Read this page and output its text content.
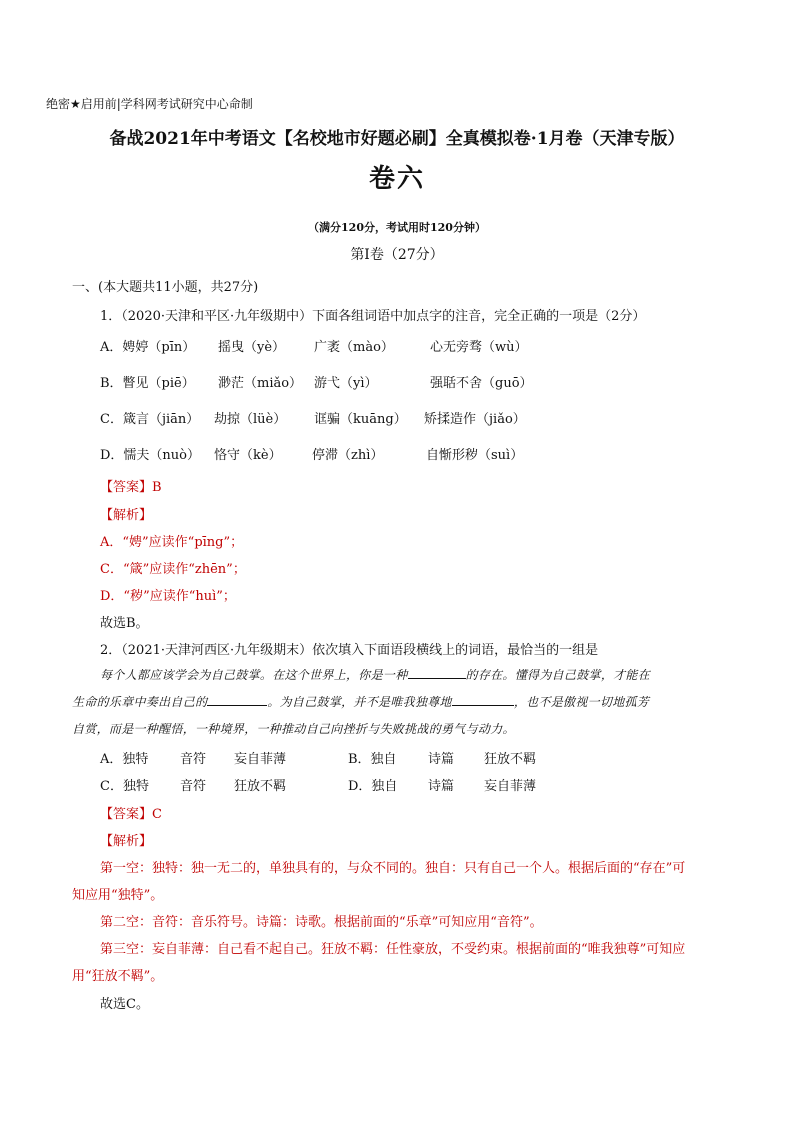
绝密★启用前|学科网考试研究中心命制
备战2021年中考语文【名校地市好题必刷】全真模拟卷·1月卷（天津专版）
卷六
（满分120分，考试用时120分钟）
第Ⅰ卷（27分）
一、(本大题共11小题，共27分)
1．（2020·天津和平区·九年级期中）下面各组词语中加点字的注音，完全正确的一项是（2分）
A．娉婷（pīn） 摇曳（yè） 广袤（mào）	心无旁骛（wù）
B．瞥见（piē） 渺茫（miǎo） 游弋（yì）	强聒不舍（guō）
C．箴言（jiān） 劫掠（lüè） 诓骗（kuāng） 矫揉造作（jiǎo）
D．懦夫（nuò） 恪守（kè） 停滞（zhì）	自惭形秽（suì）
【答案】B
【解析】
A．“娉”应读作“pīng”；
C．“箴”应读作“zhēn”；
D．“秽”应读作“huì”；
故选B。
2．（2021·天津河西区·九年级期末）依次填入下面语段横线上的词语，最恰当的一组是
每个人都应该学会为自己鼓掌。在这个世界上，你是一种	的存在。懂得为自己鼓掌，才能在
生命的乐章中奏出自己的	。为自己鼓掌，并不是唯我独尊地	，也不是傲视一切地孤芳
自赏，而是一种醒悟，一种境界，一种推动自己向挫折与失败挑战的勇气与动力。
A．独特 音符 妄自菲薄	B．独自 诗篇 狂放不羁
C．独特 音符 狂放不羁	D．独自 诗篇 妄自菲薄
【答案】C
【解析】
第一空：独特：独一无二的，单独具有的，与众不同的。独自：只有自己一个人。根据后面的“存在”可
知应用“独特”。
第二空：音符：音乐符号。诗篇：诗歌。根据前面的“乐章”可知应用“音符”。
第三空：妄自菲薄：自己看不起自己。狂放不羁：任性豪放，不受约束。根据前面的“唯我独尊”可知应
用“狂放不羁”。
故选C。
